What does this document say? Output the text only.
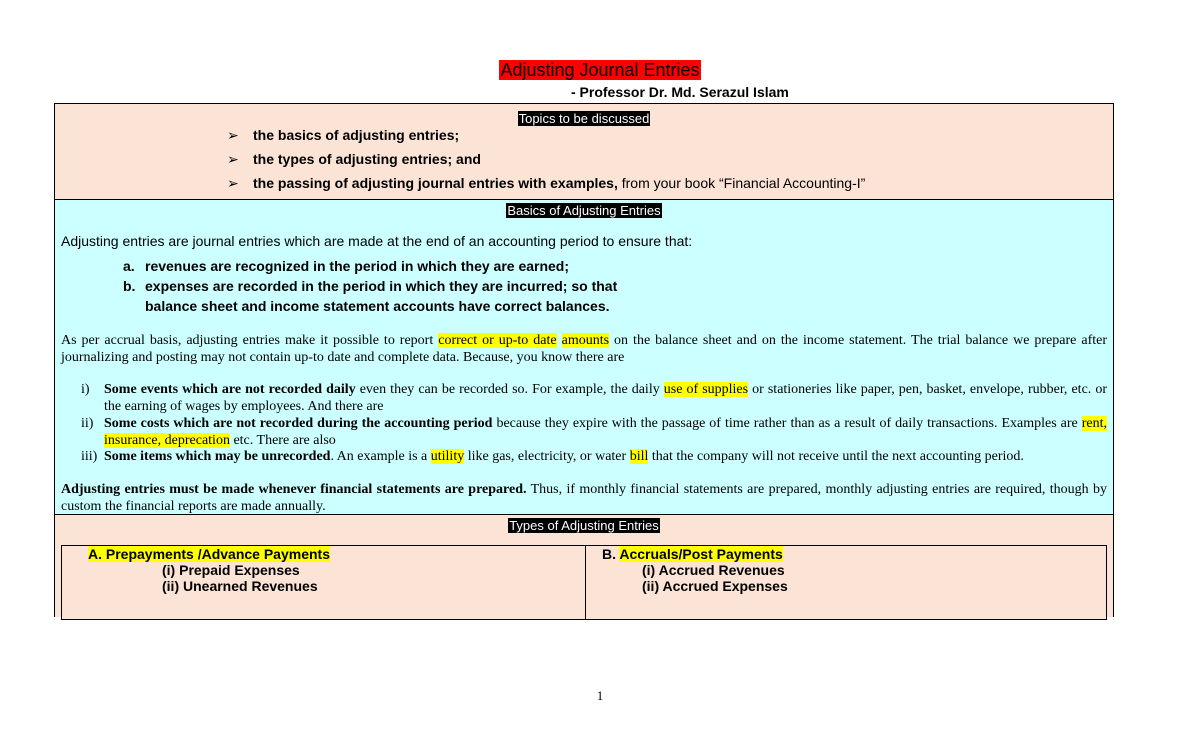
Adjusting Journal Entries
- Professor Dr. Md. Serazul Islam
Topics to be discussed
➢ the basics of adjusting entries;
➢ the types of adjusting entries; and
➢ the passing of adjusting journal entries with examples, from your book “Financial Accounting-I”
Basics of Adjusting Entries
Adjusting entries are journal entries which are made at the end of an accounting period to ensure that:
a. revenues are recognized in the period in which they are earned;
b. expenses are recorded in the period in which they are incurred; so that
balance sheet and income statement accounts have correct balances.
As per accrual basis, adjusting entries make it possible to report correct or up-to date amounts on the balance sheet and on the income statement. The trial balance we prepare after journalizing and posting may not contain up-to date and complete data. Because, you know there are
i) Some events which are not recorded daily even they can be recorded so. For example, the daily use of supplies or stationeries like paper, pen, basket, envelope, rubber, etc. or the earning of wages by employees. And there are
ii) Some costs which are not recorded during the accounting period because they expire with the passage of time rather than as a result of daily transactions. Examples are rent, insurance, deprecation etc. There are also
iii) Some items which may be unrecorded. An example is a utility like gas, electricity, or water bill that the company will not receive until the next accounting period.
Adjusting entries must be made whenever financial statements are prepared. Thus, if monthly financial statements are prepared, monthly adjusting entries are required, though by custom the financial reports are made annually.
Types of Adjusting Entries
A. Prepayments /Advance Payments
(i) Prepaid Expenses
(ii) Unearned Revenues
B. Accruals/Post Payments
(i) Accrued Revenues
(ii) Accrued Expenses
1
